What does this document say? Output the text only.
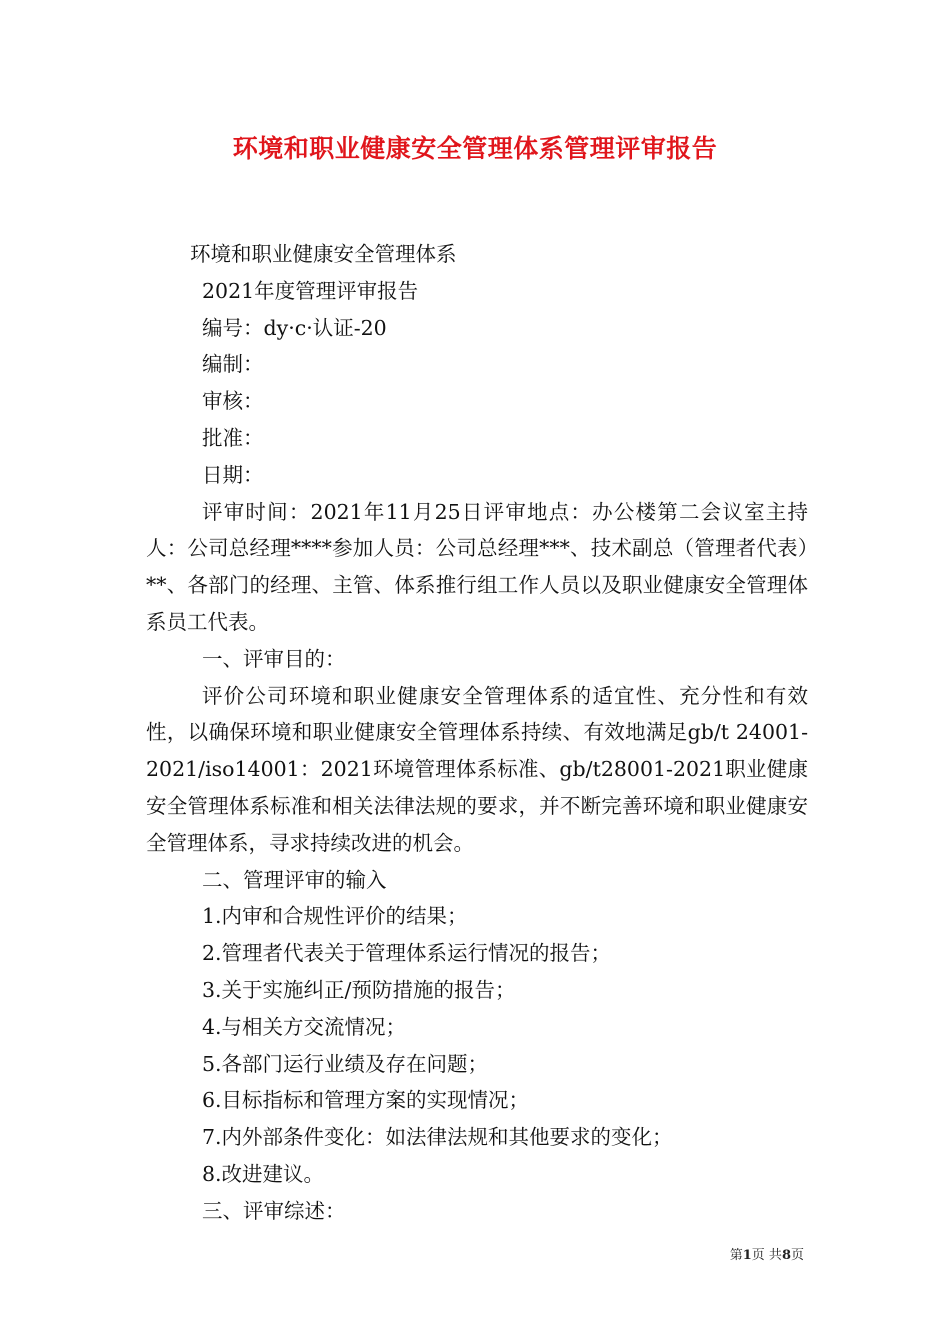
环境和职业健康安全管理体系管理评审报告

环境和职业健康安全管理体系

2021年度管理评审报告

编号：dy·c·认证-20

编制：

审核：

批准：

日期：

评审时间：2021年11月25日评审地点：办公楼第二会议室主持人：公司总经理****参加人员：公司总经理***、技术副总（管理者代表）**、各部门的经理、主管、体系推行组工作人员以及职业健康安全管理体系员工代表。

一、评审目的：

评价公司环境和职业健康安全管理体系的适宜性、充分性和有效性，以确保环境和职业健康安全管理体系持续、有效地满足gb/t 24001-2021/iso14001：2021环境管理体系标准、gb/t28001-2021职业健康安全管理体系标准和相关法律法规的要求，并不断完善环境和职业健康安全管理体系，寻求持续改进的机会。

二、管理评审的输入

1.内审和合规性评价的结果；

2.管理者代表关于管理体系运行情况的报告；

3.关于实施纠正/预防措施的报告；

4.与相关方交流情况；

5.各部门运行业绩及存在问题；

6.目标指标和管理方案的实现情况；

7.内外部条件变化：如法律法规和其他要求的变化；

8.改进建议。

三、评审综述：

第1页 共8页
